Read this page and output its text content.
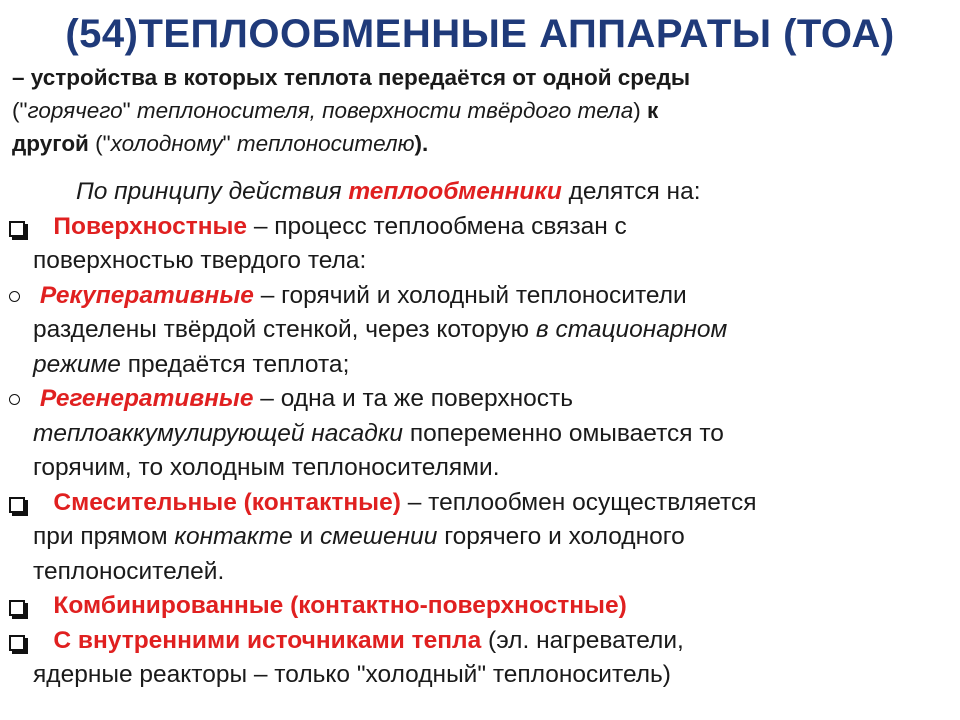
(54)ТЕПЛООБМЕННЫЕ АППАРАТЫ (ТОА)
– устройства в которых теплота передаётся от одной среды
("горячего" теплоносителя, поверхности твёрдого тела) к
другой ("холодному" теплоносителю).
По принципу действия теплообменники делятся на:
Поверхностные – процесс теплообмена связан с
поверхностью твердого тела:
Рекуперативные – горячий и холодный теплоносители
разделены твёрдой стенкой, через которую в стационарном
режиме предаётся теплота;
Регенеративные – одна и та же поверхность
теплоаккумулирующей насадки попеременно омывается то
горячим, то холодным теплоносителями.
Смесительные (контактные) – теплообмен осуществляется
при прямом контакте и смешении горячего и холодного
теплоносителей.
Комбинированные (контактно-поверхностные)
С внутренними источниками тепла (эл. нагреватели,
ядерные реакторы – только "холодный" теплоноситель)
